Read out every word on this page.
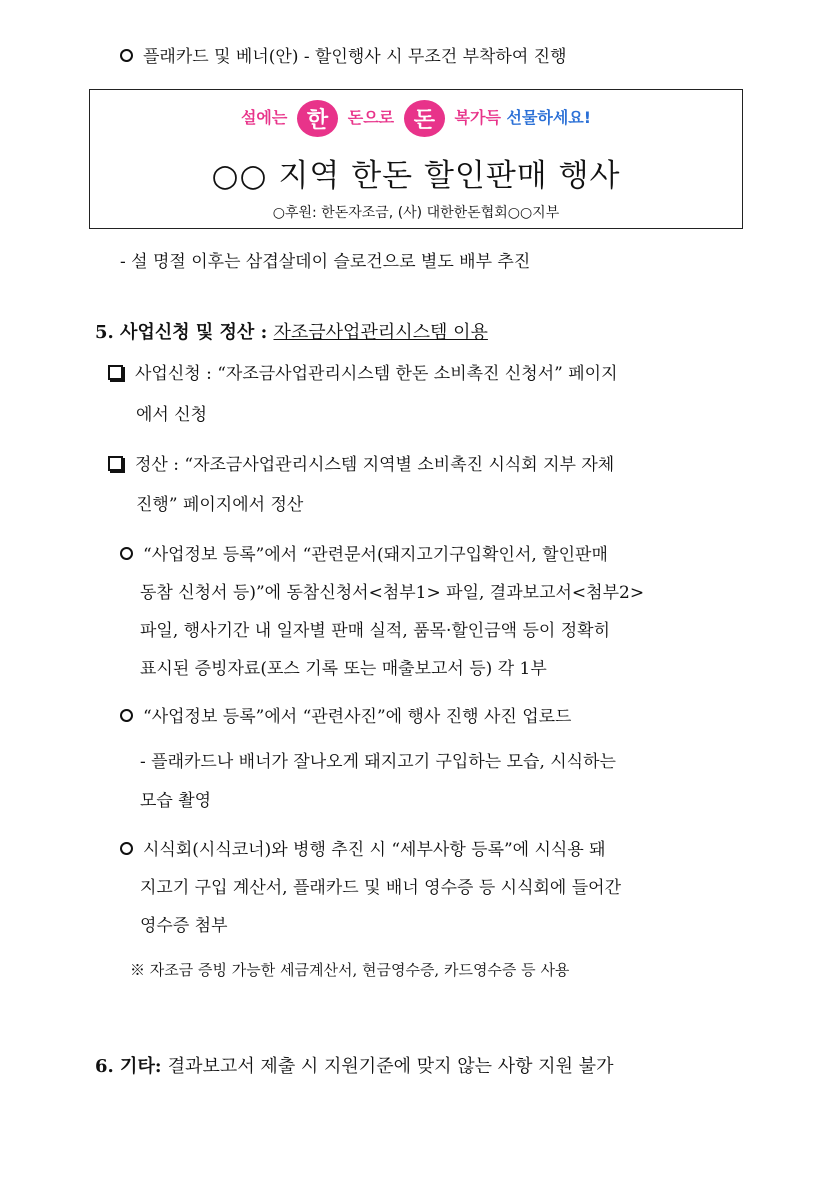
플래카드 및 베너(안) - 할인행사 시 무조건 부착하여 진행
설에는 한 돈으로 돈 복가득 선물하세요!
○○ 지역 한돈 할인판매 행사
○후원: 한돈자조금, (사) 대한한돈협회○○지부
- 설 명절 이후는 삼겹살데이 슬로건으로 별도 배부 추진
5. 사업신청 및 정산 : 자조금사업관리시스템 이용
사업신청 : “자조금사업관리시스템 한돈 소비촉진 신청서” 페이지
에서 신청
정산 : “자조금사업관리시스템 지역별 소비촉진 시식회 지부 자체
진행” 페이지에서 정산
“사업정보 등록”에서 “관련문서(돼지고기구입확인서, 할인판매
동참 신청서 등)”에 동참신청서<첨부1> 파일, 결과보고서<첨부2>
파일, 행사기간 내 일자별 판매 실적, 품목·할인금액 등이 정확히
표시된 증빙자료(포스 기록 또는 매출보고서 등) 각 1부
“사업정보 등록”에서 “관련사진”에 행사 진행 사진 업로드
- 플래카드나 배너가 잘나오게 돼지고기 구입하는 모습, 시식하는
모습 촬영
시식회(시식코너)와 병행 추진 시 “세부사항 등록”에 시식용 돼
지고기 구입 계산서, 플래카드 및 배너 영수증 등 시식회에 들어간
영수증 첨부
※ 자조금 증빙 가능한 세금계산서, 현금영수증, 카드영수증 등 사용
6. 기타: 결과보고서 제출 시 지원기준에 맞지 않는 사항 지원 불가
